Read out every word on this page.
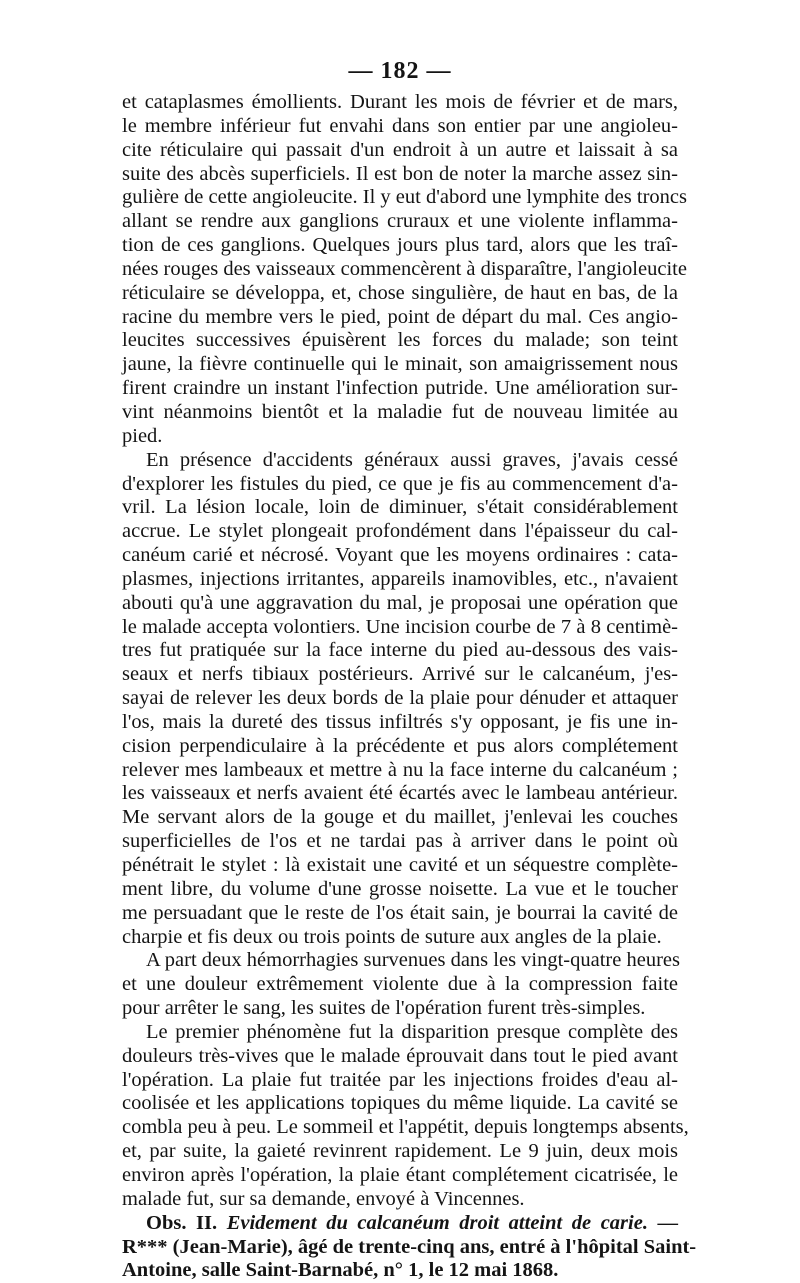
— 182 —
et cataplasmes émollients. Durant les mois de février et de mars,
le membre inférieur fut envahi dans son entier par une angioleu-
cite réticulaire qui passait d'un endroit à un autre et laissait à sa
suite des abcès superficiels. Il est bon de noter la marche assez sin-
gulière de cette angioleucite. Il y eut d'abord une lymphite des troncs
allant se rendre aux ganglions cruraux et une violente inflamma-
tion de ces ganglions. Quelques jours plus tard, alors que les traî-
nées rouges des vaisseaux commencèrent à disparaître, l'angioleucite
réticulaire se développa, et, chose singulière, de haut en bas, de la
racine du membre vers le pied, point de départ du mal. Ces angio-
leucites successives épuisèrent les forces du malade; son teint
jaune, la fièvre continuelle qui le minait, son amaigrissement nous
firent craindre un instant l'infection putride. Une amélioration sur-
vint néanmoins bientôt et la maladie fut de nouveau limitée au
pied.
En présence d'accidents généraux aussi graves, j'avais cessé
d'explorer les fistules du pied, ce que je fis au commencement d'a-
vril. La lésion locale, loin de diminuer, s'était considérablement
accrue. Le stylet plongeait profondément dans l'épaisseur du cal-
canéum carié et nécrosé. Voyant que les moyens ordinaires : cata-
plasmes, injections irritantes, appareils inamovibles, etc., n'avaient
abouti qu'à une aggravation du mal, je proposai une opération que
le malade accepta volontiers. Une incision courbe de 7 à 8 centimè-
tres fut pratiquée sur la face interne du pied au-dessous des vais-
seaux et nerfs tibiaux postérieurs. Arrivé sur le calcanéum, j'es-
sayai de relever les deux bords de la plaie pour dénuder et attaquer
l'os, mais la dureté des tissus infiltrés s'y opposant, je fis une in-
cision perpendiculaire à la précédente et pus alors complétement
relever mes lambeaux et mettre à nu la face interne du calcanéum ;
les vaisseaux et nerfs avaient été écartés avec le lambeau antérieur.
Me servant alors de la gouge et du maillet, j'enlevai les couches
superficielles de l'os et ne tardai pas à arriver dans le point où
pénétrait le stylet : là existait une cavité et un séquestre complète-
ment libre, du volume d'une grosse noisette. La vue et le toucher
me persuadant que le reste de l'os était sain, je bourrai la cavité de
charpie et fis deux ou trois points de suture aux angles de la plaie.
A part deux hémorrhagies survenues dans les vingt-quatre heures
et une douleur extrêmement violente due à la compression faite
pour arrêter le sang, les suites de l'opération furent très-simples.
Le premier phénomène fut la disparition presque complète des
douleurs très-vives que le malade éprouvait dans tout le pied avant
l'opération. La plaie fut traitée par les injections froides d'eau al-
coolisée et les applications topiques du même liquide. La cavité se
combla peu à peu. Le sommeil et l'appétit, depuis longtemps absents,
et, par suite, la gaieté revinrent rapidement. Le 9 juin, deux mois
environ après l'opération, la plaie étant complétement cicatrisée, le
malade fut, sur sa demande, envoyé à Vincennes.
Obs. II. Evidement du calcanéum droit atteint de carie. —
R*** (Jean-Marie), âgé de trente-cinq ans, entré à l'hôpital Saint-
Antoine, salle Saint-Barnabé, n° 1, le 12 mai 1868.
